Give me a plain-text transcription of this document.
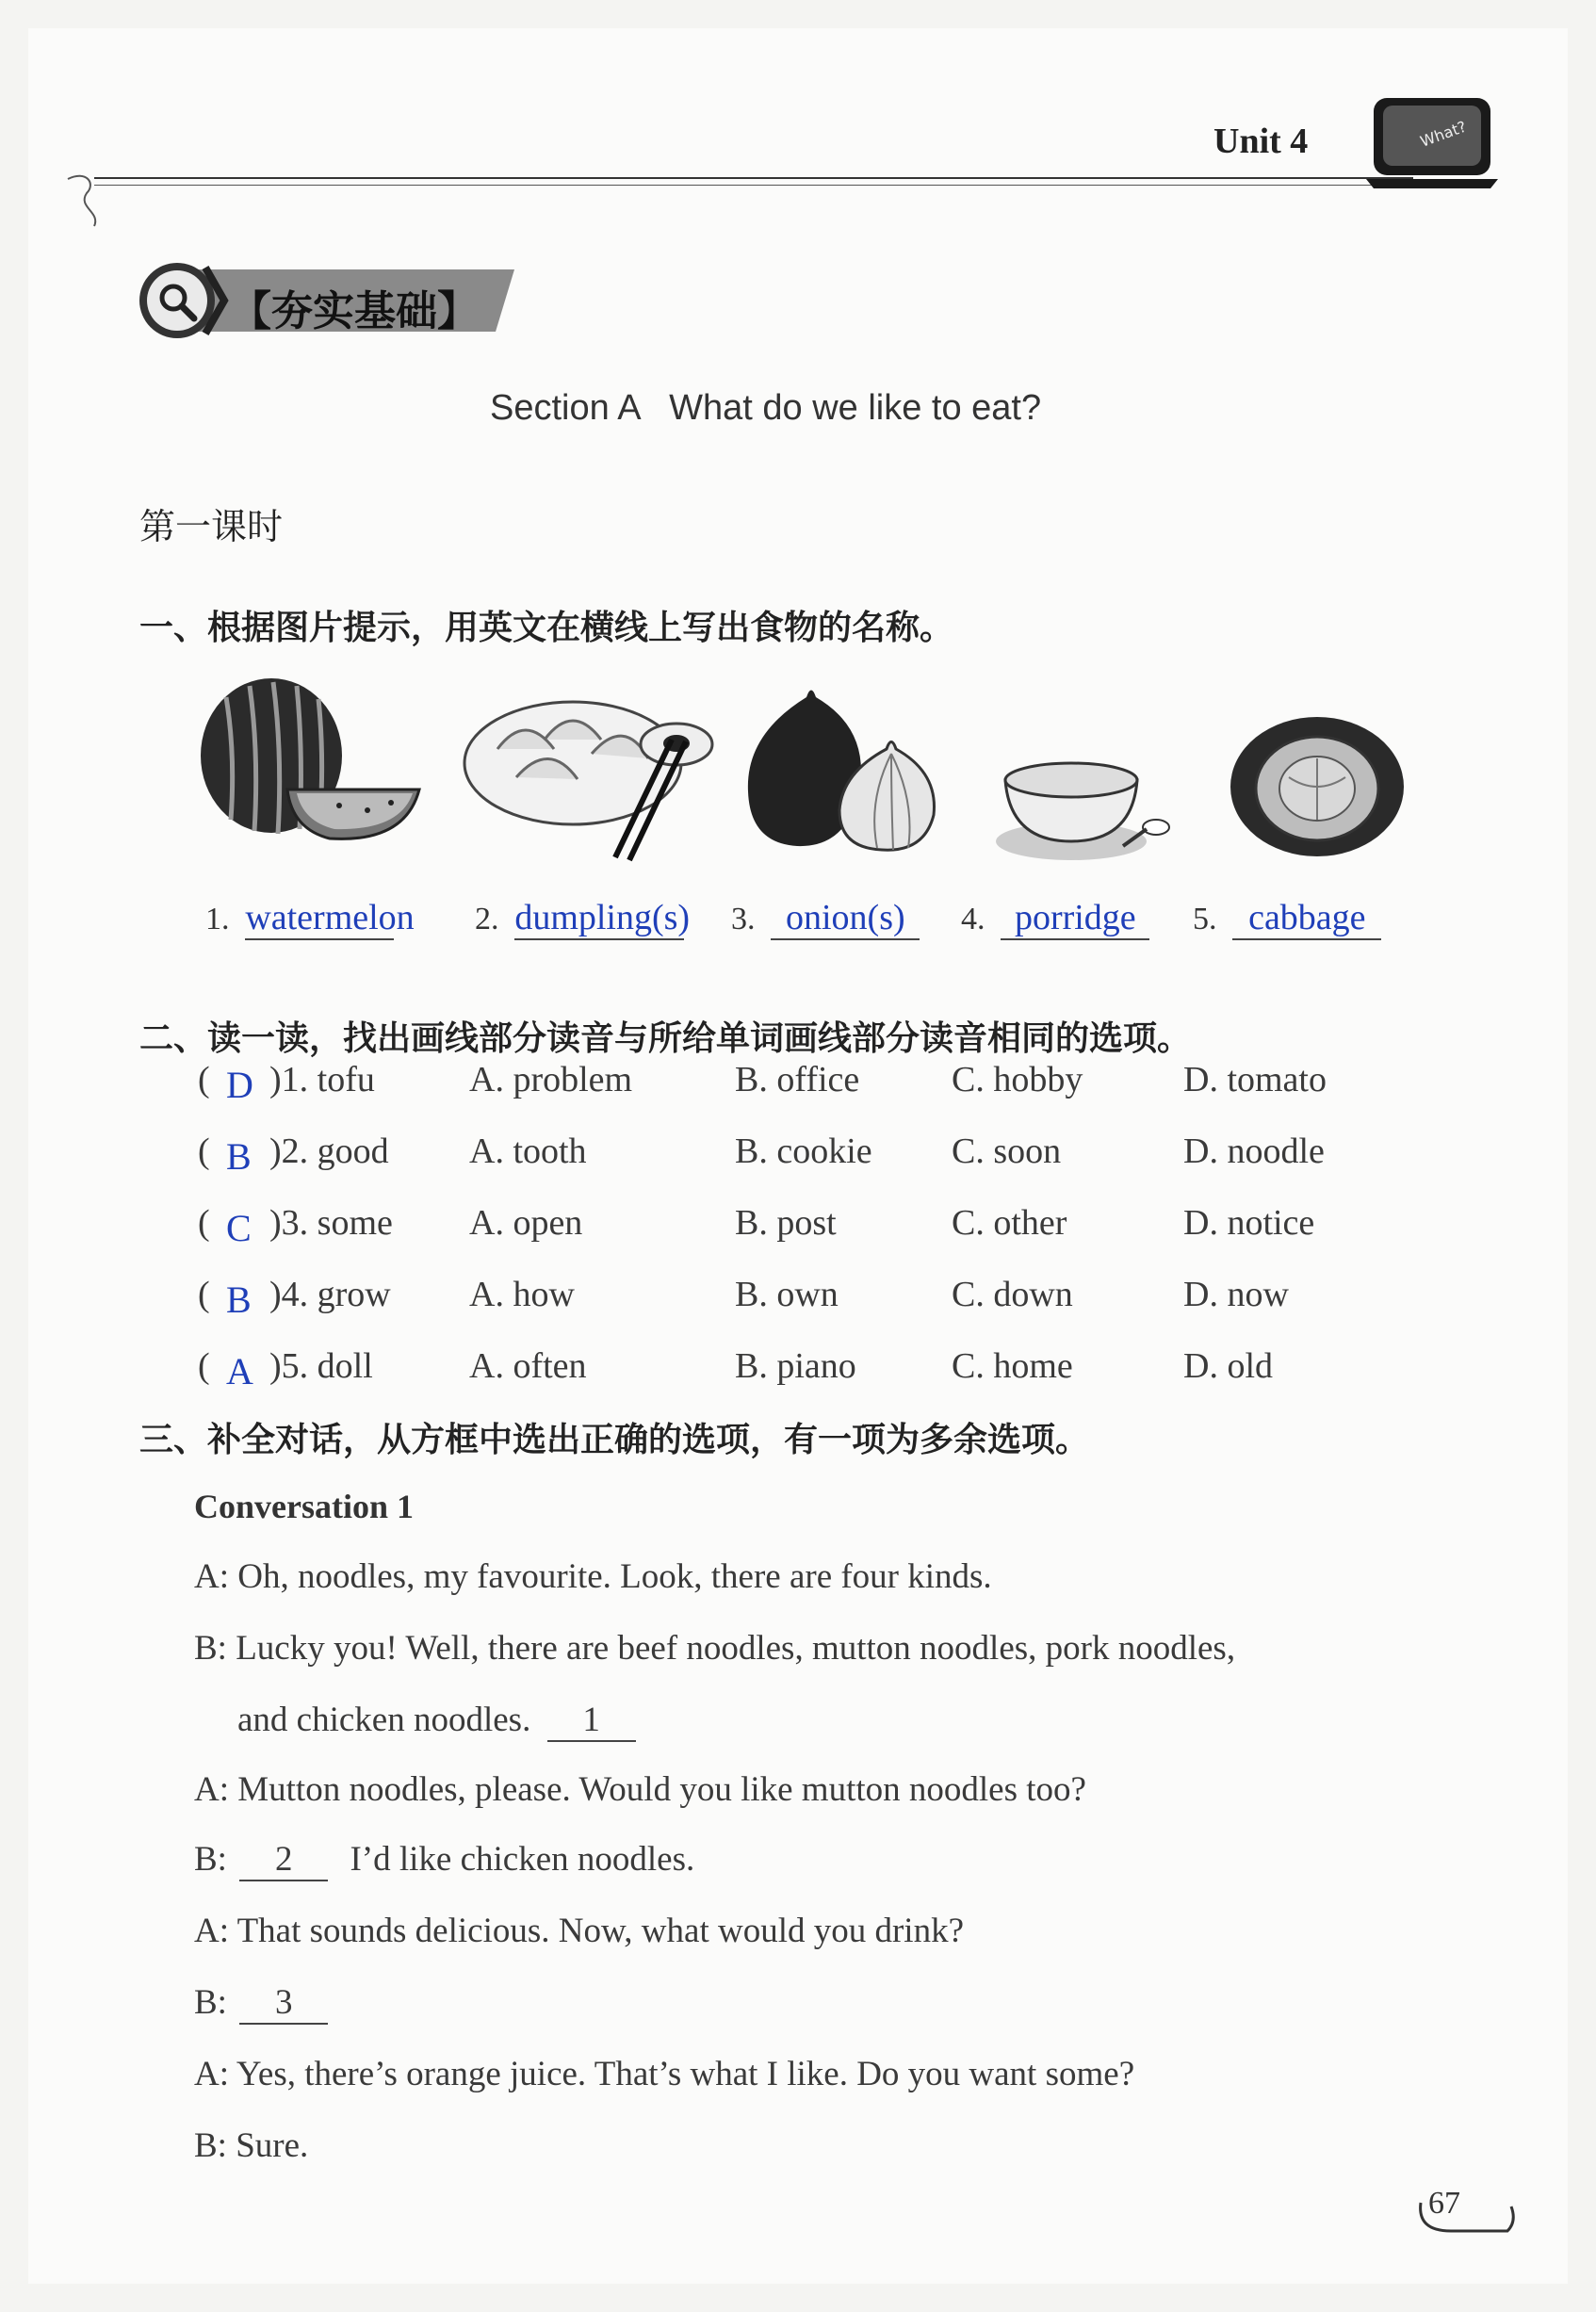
Unit 4	What?
【夯实基础】
Section A   What do we like to eat?
第一课时
一、根据图片提示，用英文在横线上写出食物的名称。
1. watermelon 2. dumpling(s) 3. onion(s)	4. porridge	5. cabbage
二、读一读，找出画线部分读音与所给单词画线部分读音相同的选项。
( D )1. tofu	A. problem	B. office	C. hobby	D. tomato
( B )2. good A. tooth	B. cookie C. soon	D. noodle
( C )3. some A. open	B. post	C. other	D. notice
( B )4. grow A. how	B. own	C. down	D. now
( A )5. doll	A. often	B. piano	C. home	D. old
三、补全对话，从方框中选出正确的选项，有一项为多余选项。
Conversation 1
A: Oh, noodles, my favourite. Look, there are four kinds.
B: Lucky you! Well, there are beef noodles, mutton noodles, pork noodles,
and chicken noodles. 1
A: Mutton noodles, please. Would you like mutton noodles too?
B: 2 I’d like chicken noodles.
A: That sounds delicious. Now, what would you drink?
B: 3
A: Yes, there’s orange juice. That’s what I like. Do you want some?
B: Sure.
67
